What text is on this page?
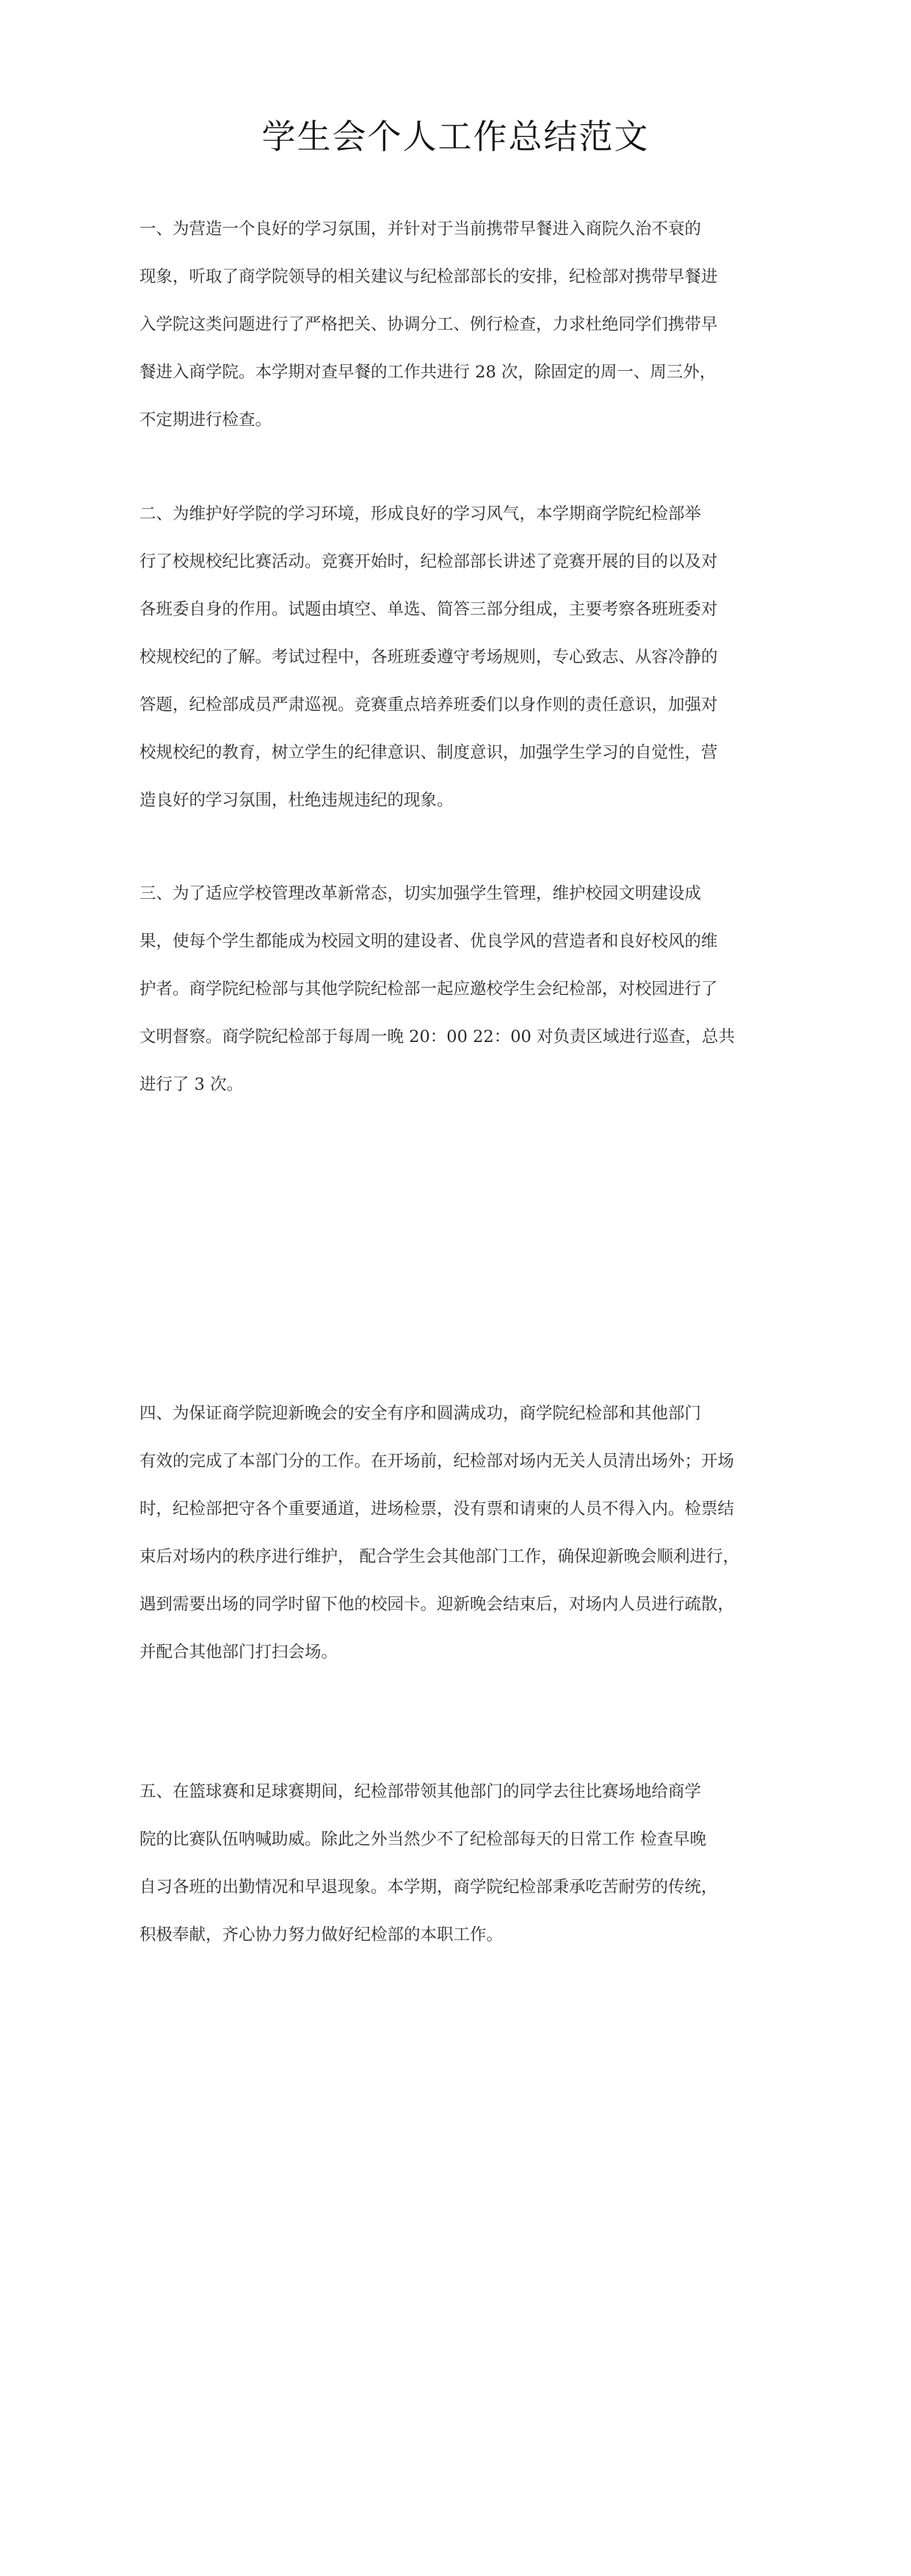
学生会个人工作总结范文
一、为营造一个良好的学习氛围，并针对于当前携带早餐进入商院久治不衰的
现象，听取了商学院领导的相关建议与纪检部部长的安排，纪检部对携带早餐进
入学院这类问题进行了严格把关、协调分工、例行检查，力求杜绝同学们携带早
餐进入商学院。本学期对查早餐的工作共进行 28 次，除固定的周一、周三外，
不定期进行检查。
二、为维护好学院的学习环境，形成良好的学习风气，本学期商学院纪检部举
行了校规校纪比赛活动。竞赛开始时，纪检部部长讲述了竞赛开展的目的以及对
各班委自身的作用。试题由填空、单选、简答三部分组成，主要考察各班班委对
校规校纪的了解。考试过程中，各班班委遵守考场规则，专心致志、从容冷静的
答题，纪检部成员严肃巡视。竞赛重点培养班委们以身作则的责任意识，加强对
校规校纪的教育，树立学生的纪律意识、制度意识，加强学生学习的自觉性，营
造良好的学习氛围，杜绝违规违纪的现象。
三、为了适应学校管理改革新常态，切实加强学生管理，维护校园文明建设成
果，使每个学生都能成为校园文明的建设者、优良学风的营造者和良好校风的维
护者。商学院纪检部与其他学院纪检部一起应邀校学生会纪检部，对校园进行了
文明督察。商学院纪检部于每周一晚 20：00 22：00 对负责区域进行巡查，总共
进行了 3 次。
四、为保证商学院迎新晚会的安全有序和圆满成功，商学院纪检部和其他部门
有效的完成了本部门分的工作。在开场前，纪检部对场内无关人员清出场外；开场
时，纪检部把守各个重要通道，进场检票，没有票和请柬的人员不得入内。检票结
束后对场内的秩序进行维护， 配合学生会其他部门工作，确保迎新晚会顺利进行，
遇到需要出场的同学时留下他的校园卡。迎新晚会结束后，对场内人员进行疏散，
并配合其他部门打扫会场。
五、在篮球赛和足球赛期间，纪检部带领其他部门的同学去往比赛场地给商学
院的比赛队伍呐喊助威。除此之外当然少不了纪检部每天的日常工作 检查早晚
自习各班的出勤情况和早退现象。本学期，商学院纪检部秉承吃苦耐劳的传统，
积极奉献，齐心协力努力做好纪检部的本职工作。
